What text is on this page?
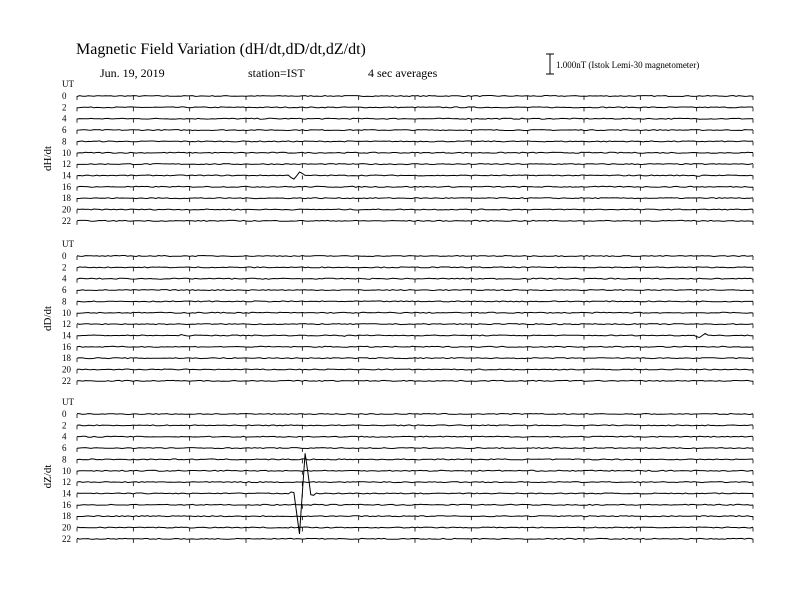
Magnetic Field Variation (dH/dt,dD/dt,dZ/dt)
Jun. 19, 2019	station=IST	4 sec averages
1.000nT (Istok Lemi-30 magnetometer)
UT
dH/dt
0
2
4
6
8
10
12
14
16
18
20
22
UT
dD/dt
0
2
4
6
8
10
12
14
16
18
20
22
UT
dZ/dt
0
2
4
6
8
10
12
14
16
18
20
22
